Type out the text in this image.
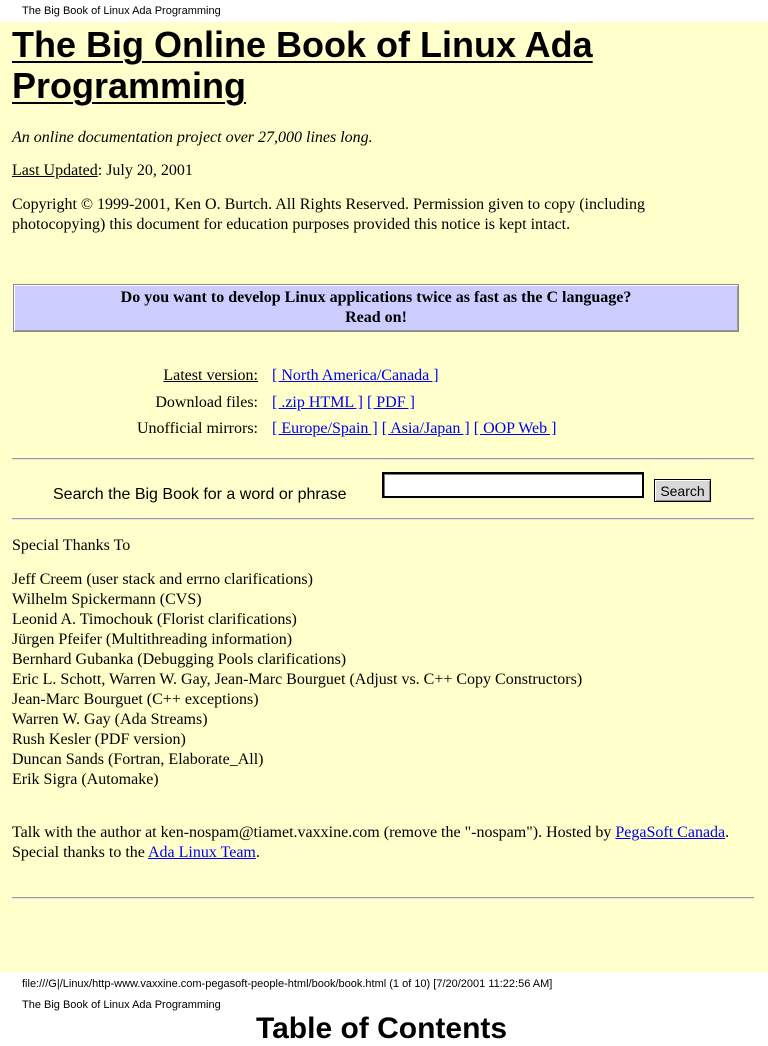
The Big Book of Linux Ada Programming
The Big Online Book of Linux Ada Programming
An online documentation project over 27,000 lines long.
Last Updated: July 20, 2001
Copyright © 1999-2001, Ken O. Burtch. All Rights Reserved. Permission given to copy (including photocopying) this document for education purposes provided this notice is kept intact.
Do you want to develop Linux applications twice as fast as the C language?
Read on!
Latest version: [ North America/Canada ]
Download files: [ .zip HTML ] [ PDF ]
Unofficial mirrors: [ Europe/Spain ] [ Asia/Japan ] [ OOP Web ]
Search the Big Book for a word or phrase	Search
Special Thanks To
Jeff Creem (user stack and errno clarifications)
Wilhelm Spickermann (CVS)
Leonid A. Timochouk (Florist clarifications)
Jürgen Pfeifer (Multithreading information)
Bernhard Gubanka (Debugging Pools clarifications)
Eric L. Schott, Warren W. Gay, Jean-Marc Bourguet (Adjust vs. C++ Copy Constructors)
Jean-Marc Bourguet (C++ exceptions)
Warren W. Gay (Ada Streams)
Rush Kesler (PDF version)
Duncan Sands (Fortran, Elaborate_All)
Erik Sigra (Automake)
Talk with the author at ken-nospam@tiamet.vaxxine.com (remove the "-nospam"). Hosted by PegaSoft Canada. Special thanks to the Ada Linux Team.
file:///G|/Linux/http-www.vaxxine.com-pegasoft-people-html/book/book.html (1 of 10) [7/20/2001 11:22:56 AM]
The Big Book of Linux Ada Programming
Table of Contents
